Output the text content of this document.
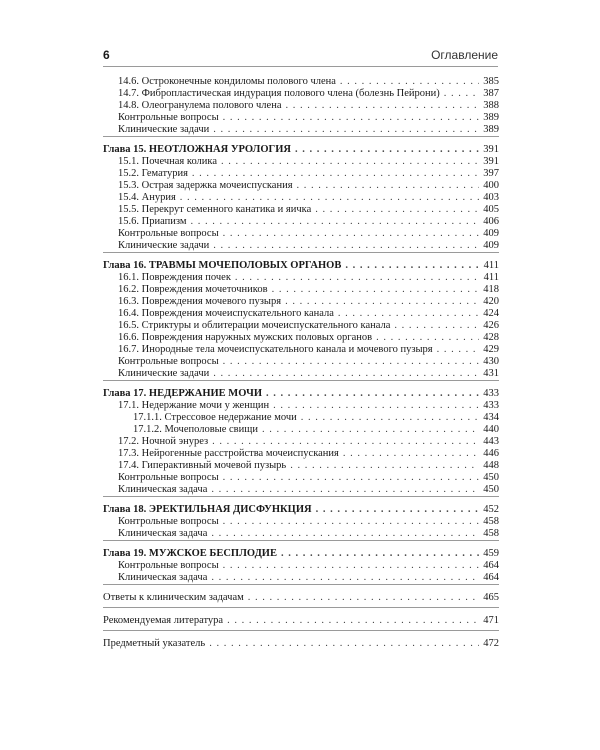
6	Оглавление
14.6. Остроконечные кондиломы полового члена . . .	385
14.7. Фибропластическая индурация полового члена (болезнь Пейрони) . . .	387
14.8. Олеогранулема полового члена . . .	388
Контрольные вопросы . . .	389
Клинические задачи . . .	389
Глава 15. НЕОТЛОЖНАЯ УРОЛОГИЯ . . .	391
15.1. Почечная колика . . .	391
15.2. Гематурия . . .	397
15.3. Острая задержка мочеиспускания . . .	400
15.4. Анурия . . .	403
15.5. Перекрут семенного канатика и яичка . . .	405
15.6. Приапизм . . .	406
Контрольные вопросы . . .	409
Клинические задачи . . .	409
Глава 16. ТРАВМЫ МОЧЕПОЛОВЫХ ОРГАНОВ . . .	411
16.1. Повреждения почек . . .	411
16.2. Повреждения мочеточников . . .	418
16.3. Повреждения мочевого пузыря . . .	420
16.4. Повреждения мочеиспускательного канала . . .	424
16.5. Стриктуры и облитерации мочеиспускательного канала . . .	426
16.6. Повреждения наружных мужских половых органов . . .	428
16.7. Инородные тела мочеиспускательного канала и мочевого пузыря . . .	429
Контрольные вопросы . . .	430
Клинические задачи . . .	431
Глава 17. НЕДЕРЖАНИЕ МОЧИ . . .	433
17.1. Недержание мочи у женщин . . .	433
17.1.1. Стрессовое недержание мочи . . .	434
17.1.2. Мочеполовые свищи . . .	440
17.2. Ночной энурез . . .	443
17.3. Нейрогенные расстройства мочеиспускания . . .	446
17.4. Гиперактивный мочевой пузырь . . .	448
Контрольные вопросы . . .	450
Клиническая задача . . .	450
Глава 18. ЭРЕКТИЛЬНАЯ ДИСФУНКЦИЯ . . .	452
Контрольные вопросы . . .	458
Клиническая задача . . .	458
Глава 19. МУЖСКОЕ БЕСПЛОДИЕ . . .	459
Контрольные вопросы . . .	464
Клиническая задача . . .	464
Ответы к клиническим задачам . . .	465
Рекомендуемая литература . . .	471
Предметный указатель . . .	472
